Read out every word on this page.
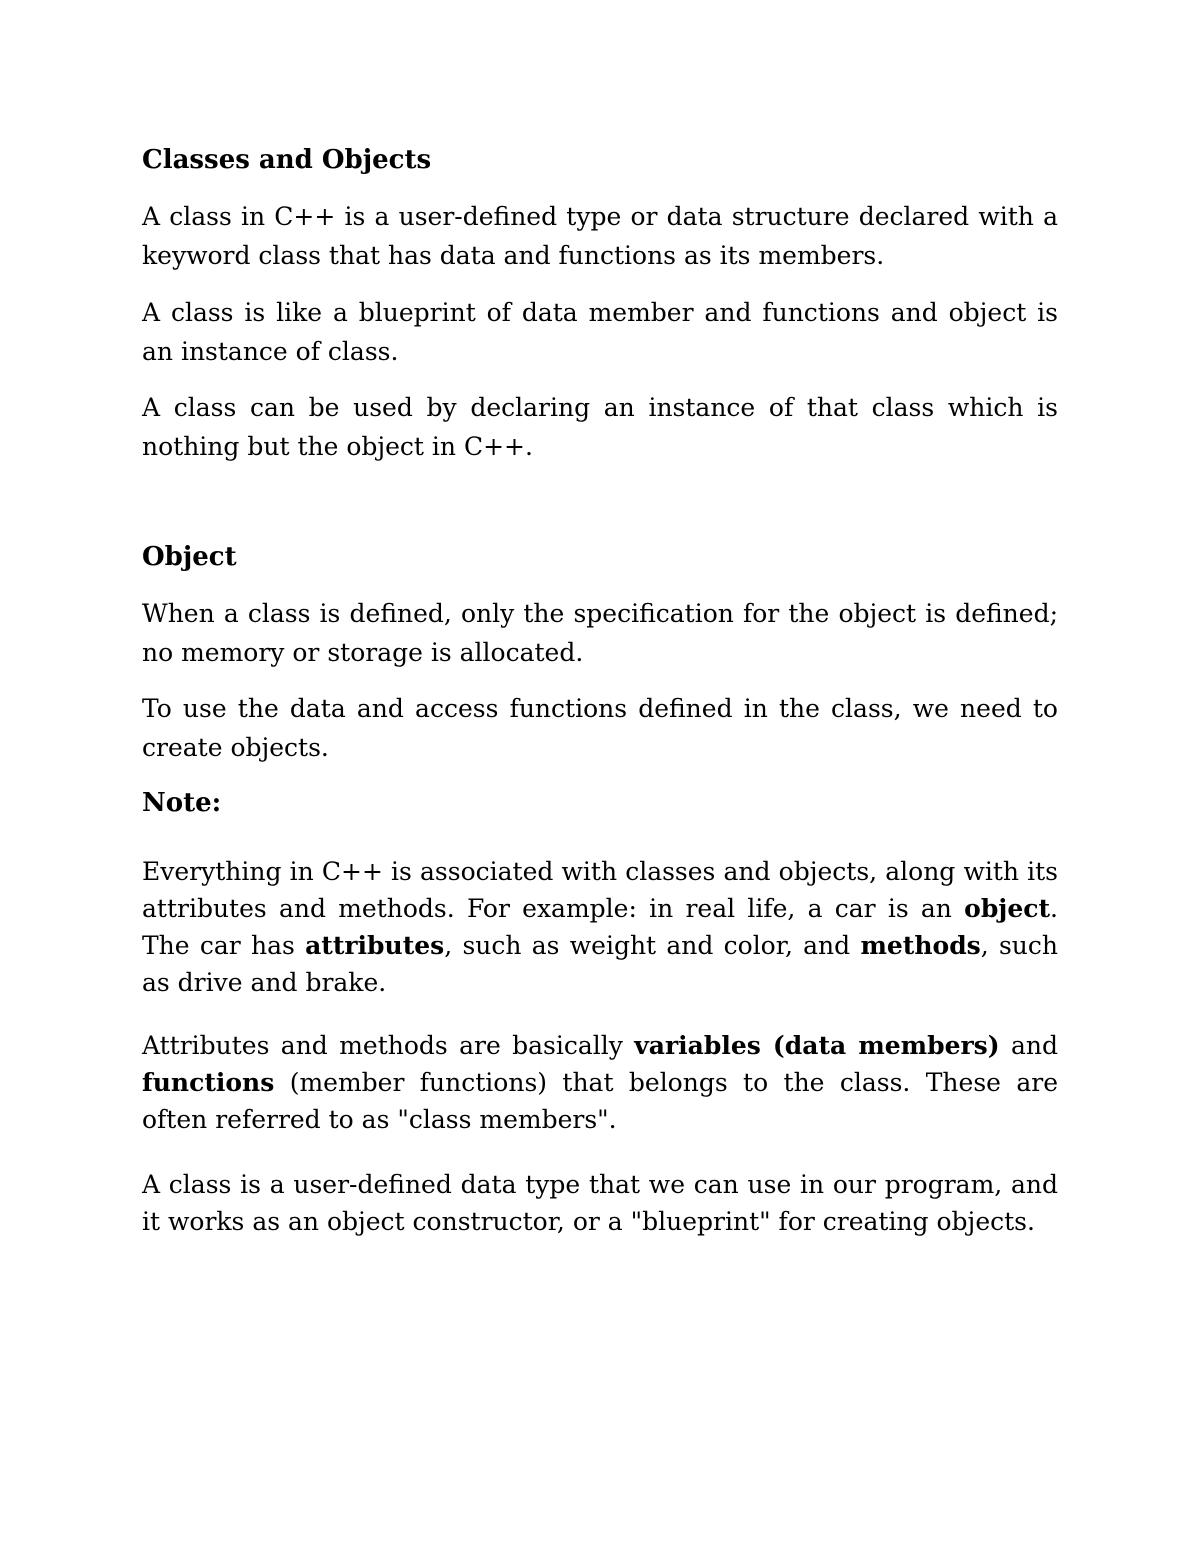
Classes and Objects

A class in C++ is a user-defined type or data structure declared with a keyword class that has data and functions as its members.

A class is like a blueprint of data member and functions and object is an instance of class.

A class can be used by declaring an instance of that class which is nothing but the object in C++.

Object

When a class is defined, only the specification for the object is defined; no memory or storage is allocated.

To use the data and access functions defined in the class, we need to create objects.

Note:

Everything in C++ is associated with classes and objects, along with its attributes and methods. For example: in real life, a car is an object. The car has attributes, such as weight and color, and methods, such as drive and brake.

Attributes and methods are basically variables (data members) and functions (member functions) that belongs to the class. These are often referred to as "class members".

A class is a user-defined data type that we can use in our program, and it works as an object constructor, or a "blueprint" for creating objects.
